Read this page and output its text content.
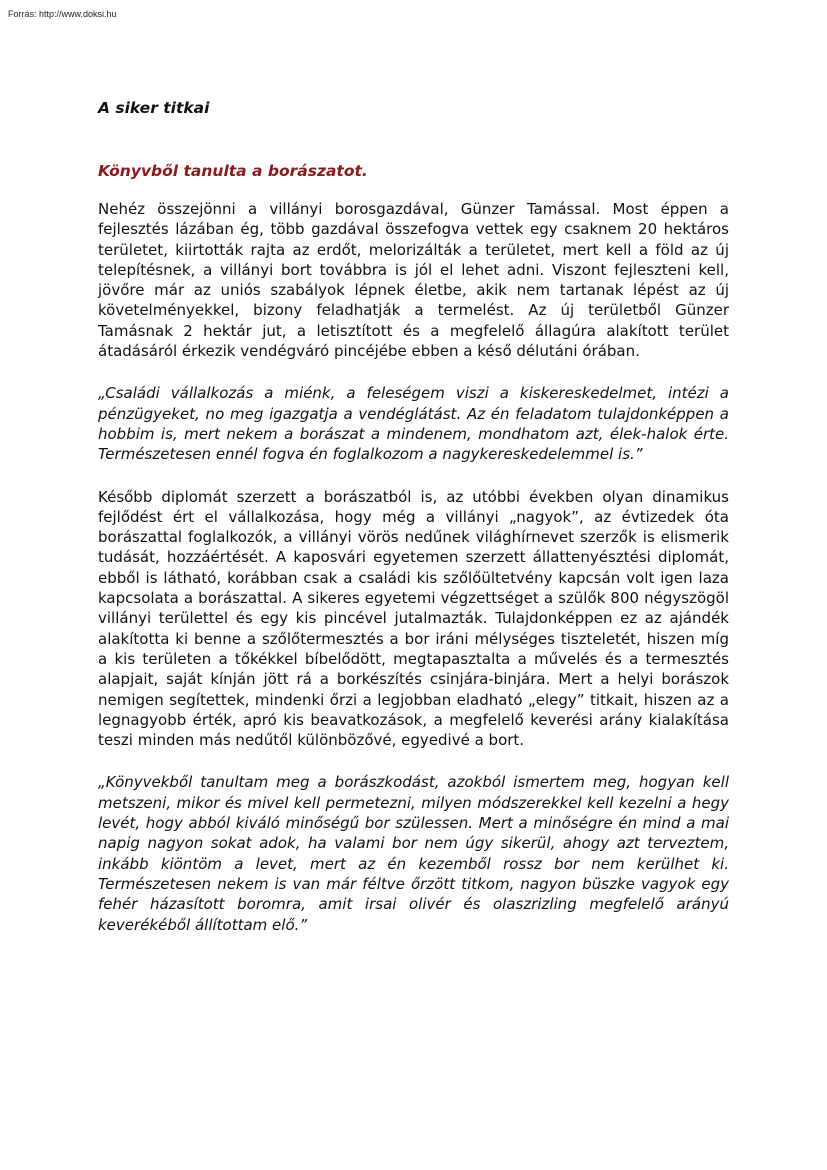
Forrás: http://www.doksi.hu
A siker titkai
Könyvből tanulta a borászatot.

Nehéz összejönni a villányi borosgazdával, Günzer Tamással. Most éppen a fejlesztés lázában ég, több gazdával összefogva vettek egy csaknem 20 hektáros területet, kiirtották rajta az erdőt, melorizálták a területet, mert kell a föld az új telepítésnek, a villányi bort továbbra is jól el lehet adni. Viszont fejleszteni kell, jövőre már az uniós szabályok lépnek életbe, akik nem tartanak lépést az új követelményekkel, bizony feladhatják a termelést. Az új területből Günzer Tamásnak 2 hektár jut, a letisztított és a megfelelő állagúra alakított terület átadásáról érkezik vendégváró pincéjébe ebben a késő délutáni órában.

„Családi vállalkozás a miénk, a feleségem viszi a kiskereskedelmet, intézi a pénzügyeket, no meg igazgatja a vendéglátást. Az én feladatom tulajdonképpen a hobbim is, mert nekem a borászat a mindenem, mondhatom azt, élek-halok érte. Természetesen ennél fogva én foglalkozom a nagykereskedelemmel is.”

Később diplomát szerzett a borászatból is, az utóbbi években olyan dinamikus fejlődést ért el vállalkozása, hogy még a villányi „nagyok”, az évtizedek óta borászattal foglalkozók, a villányi vörös nedűnek világhírnevet szerzők is elismerik tudását, hozzáértését. A kaposvári egyetemen szerzett állattenyésztési diplomát, ebből is látható, korábban csak a családi kis szőlőültetvény kapcsán volt igen laza kapcsolata a borászattal. A sikeres egyetemi végzettséget a szülők 800 négyszögöl villányi területtel és egy kis pincével jutalmazták. Tulajdonképpen ez az ajándék alakította ki benne a szőlőtermesztés a bor iráni mélységes tiszteletét, hiszen míg a kis területen a tőkékkel bíbelődött, megtapasztalta a művelés és a termesztés alapjait, saját kínján jött rá a borkészítés csinjára-binjára. Mert a helyi borászok nemigen segítettek, mindenki őrzi a legjobban eladható „elegy” titkait, hiszen az a legnagyobb érték, apró kis beavatkozások, a megfelelő keverési arány kialakítása teszi minden más nedűtől különbözővé, egyedivé a bort.

„Könyvekből tanultam meg a borászkodást, azokból ismertem meg, hogyan kell metszeni, mikor és mivel kell permetezni, milyen módszerekkel kell kezelni a hegy levét, hogy abból kiváló minőségű bor szülessen. Mert a minőségre én mind a mai napig nagyon sokat adok, ha valami bor nem úgy sikerül, ahogy azt terveztem, inkább kiöntöm a levet, mert az én kezemből rossz bor nem kerülhet ki. Természetesen nekem is van már féltve őrzött titkom, nagyon büszke vagyok egy fehér házasított boromra, amit irsai olivér és olaszrizling megfelelő arányú keverékéből állítottam elő.”
